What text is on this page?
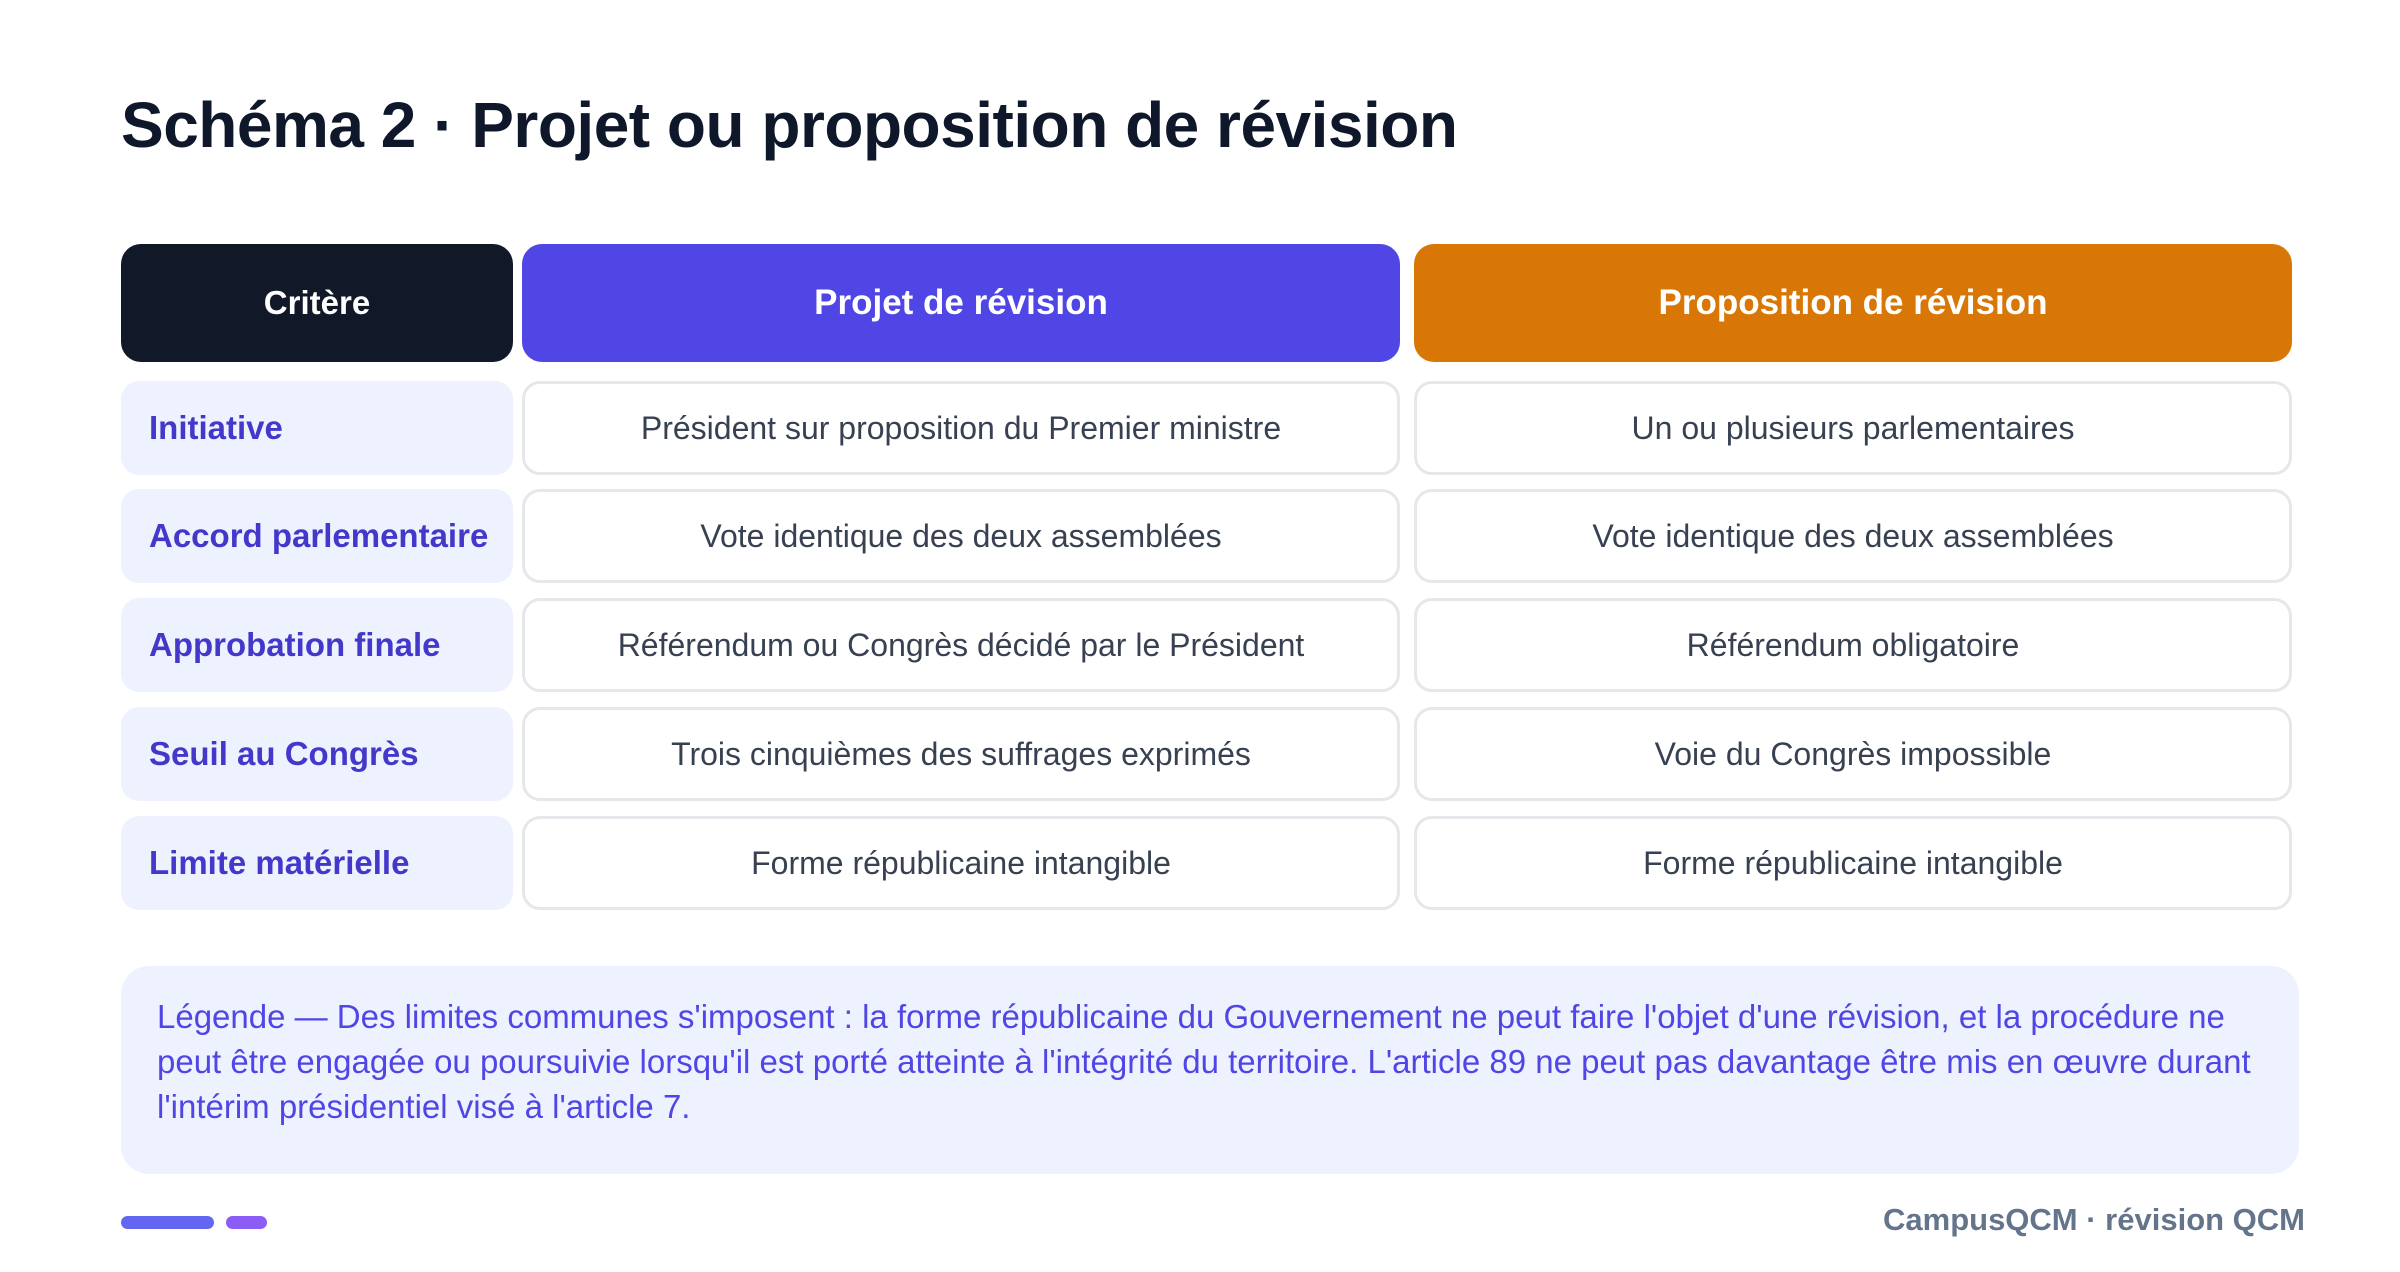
Schéma 2 · Projet ou proposition de révision
Critère	Projet de révision	Proposition de révision
Initiative	Président sur proposition du Premier ministre	Un ou plusieurs parlementaires
Accord parlementaire	Vote identique des deux assemblées	Vote identique des deux assemblées
Approbation finale	Référendum ou Congrès décidé par le Président	Référendum obligatoire
Seuil au Congrès	Trois cinquièmes des suffrages exprimés	Voie du Congrès impossible
Limite matérielle	Forme républicaine intangible	Forme républicaine intangible
Légende — Des limites communes s'imposent : la forme républicaine du Gouvernement ne peut faire l'objet d'une révision, et la procédure ne peut être engagée ou poursuivie lorsqu'il est porté atteinte à l'intégrité du territoire. L'article 89 ne peut pas davantage être mis en œuvre durant l'intérim présidentiel visé à l'article 7.
CampusQCM · révision QCM
